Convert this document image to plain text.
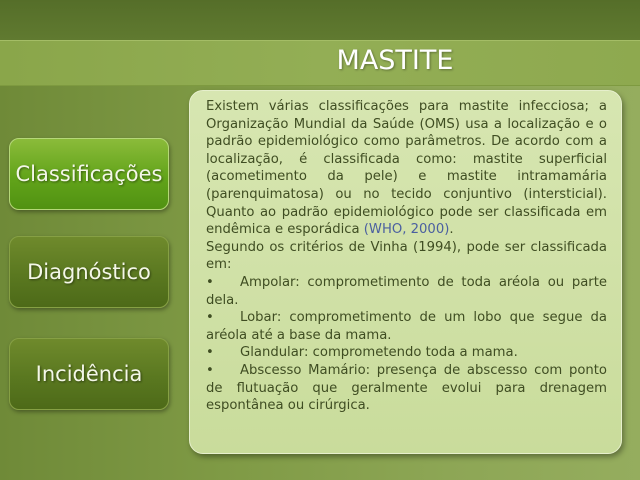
MASTITE
Classificações
Diagnóstico
Incidência

Existem várias classificações para mastite infecciosa; a Organização Mundial da Saúde (OMS) usa a localização e o padrão epidemiológico como parâmetros. De acordo com a localização, é classificada como: mastite superficial (acometimento da pele) e mastite intramamária (parenquimatosa) ou no tecido conjuntivo (intersticial). Quanto ao padrão epidemiológico pode ser classificada em endêmica e esporádica (WHO, 2000).

Segundo os critérios de Vinha (1994), pode ser classificada em:

• Ampolar: comprometimento de toda aréola ou parte dela.
• Lobar: comprometimento de um lobo que segue da aréola até a base da mama.
• Glandular: comprometendo toda a mama.
• Abscesso Mamário: presença de abscesso com ponto de flutuação que geralmente evolui para drenagem espontânea ou cirúrgica.
